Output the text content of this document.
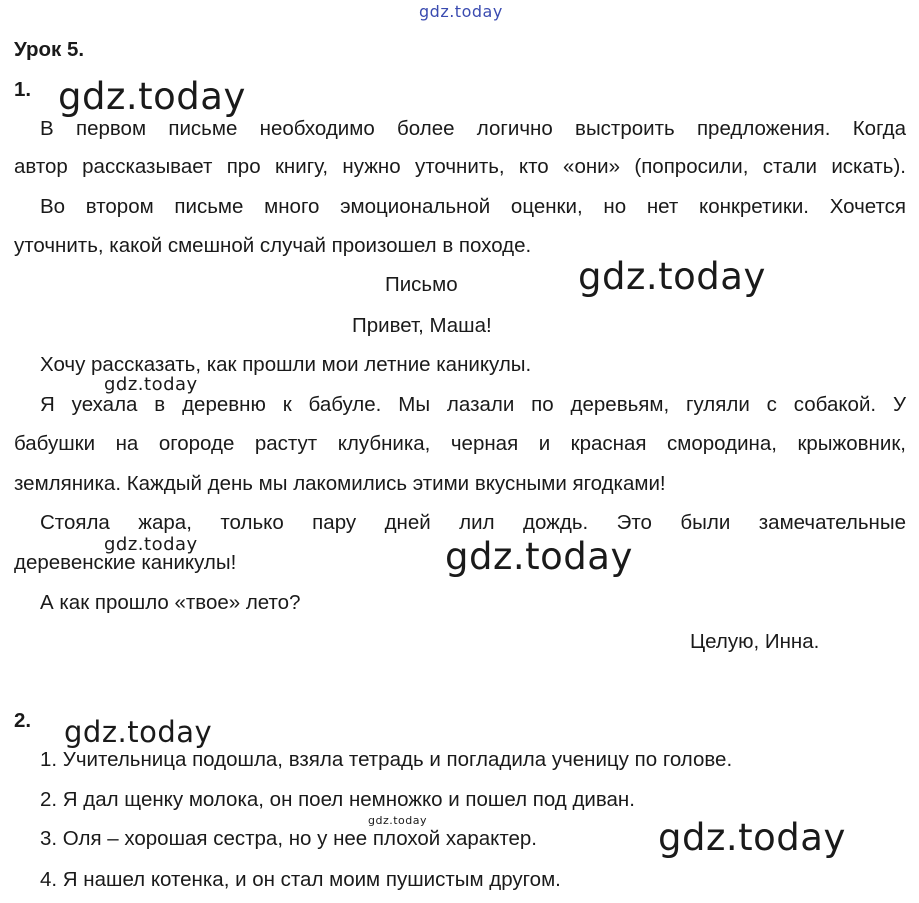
gdz.today
Урок 5.
1. gdz.today
В первом письме необходимо более логично выстроить предложения. Когда
автор рассказывает про книгу, нужно уточнить, кто «они» (попросили, стали искать).
Во втором письме много эмоциональной оценки, но нет конкретики. Хочется
уточнить, какой смешной случай произошел в походе.
Письмо	gdz.today
Привет, Маша!
Хочу рассказать, как прошли мои летние каникулы.
gdz.today
Я уехала в деревню к бабуле. Мы лазали по деревьям, гуляли с собакой. У
бабушки на огороде растут клубника, черная и красная смородина, крыжовник,
земляника. Каждый день мы лакомились этими вкусными ягодками!
Стояла жара, только пару дней лил дождь. Это были замечательные
gdz.today
деревенские каникулы!	gdz.today
А как прошло «твое» лето?
Целую, Инна.
2. gdz.today
1. Учительница подошла, взяла тетрадь и погладила ученицу по голове.
2. Я дал щенку молока, он поел немножко и пошел под диван.
gdz.today
3. Оля – хорошая сестра, но у нее плохой характер.	gdz.today
4. Я нашел котенка, и он стал моим пушистым другом.
